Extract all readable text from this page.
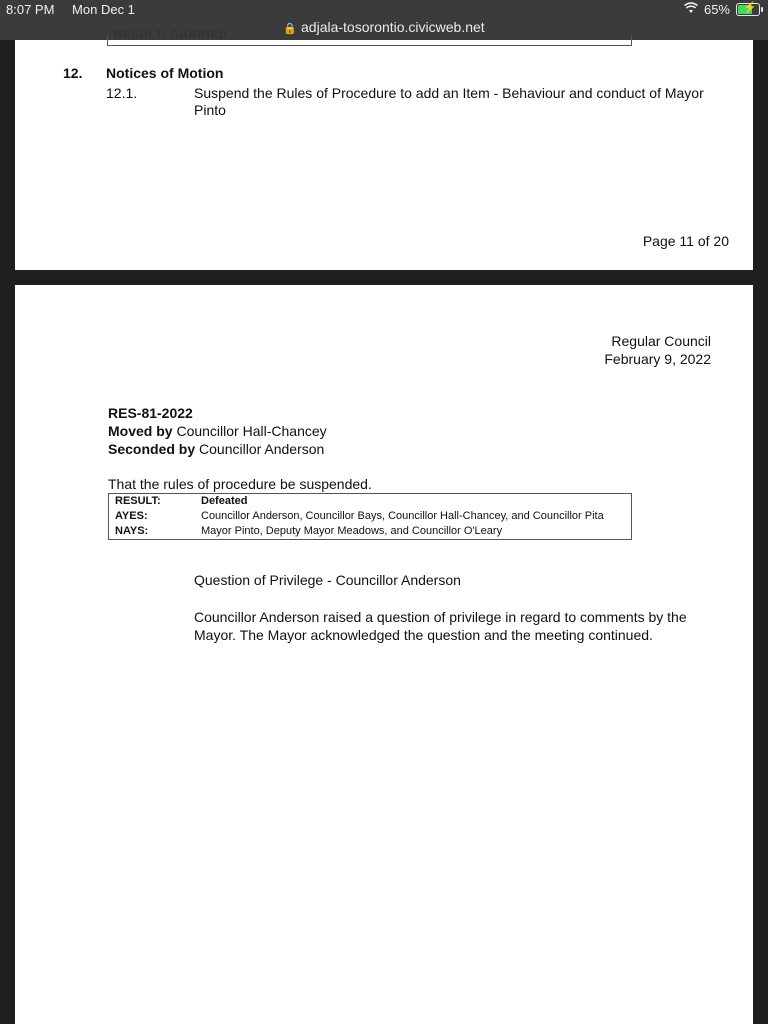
8:07 PM Mon Dec 1	65% ⚡
🔒 adjala-tosorontio.civicweb.net
RESULT: CARRIED
12. Notices of Motion
12.1.	Suspend the Rules of Procedure to add an Item - Behaviour and conduct of Mayor Pinto
Page 11 of 20
Regular Council
February 9, 2022
RES-81-2022
Moved by Councillor Hall-Chancey
Seconded by Councillor Anderson
That the rules of procedure be suspended.
RESULT:	Defeated
AYES:	Councillor Anderson, Councillor Bays, Councillor Hall-Chancey, and Councillor Pita
NAYS:	Mayor Pinto, Deputy Mayor Meadows, and Councillor O'Leary
Question of Privilege - Councillor Anderson
Councillor Anderson raised a question of privilege in regard to comments by the Mayor. The Mayor acknowledged the question and the meeting continued.
